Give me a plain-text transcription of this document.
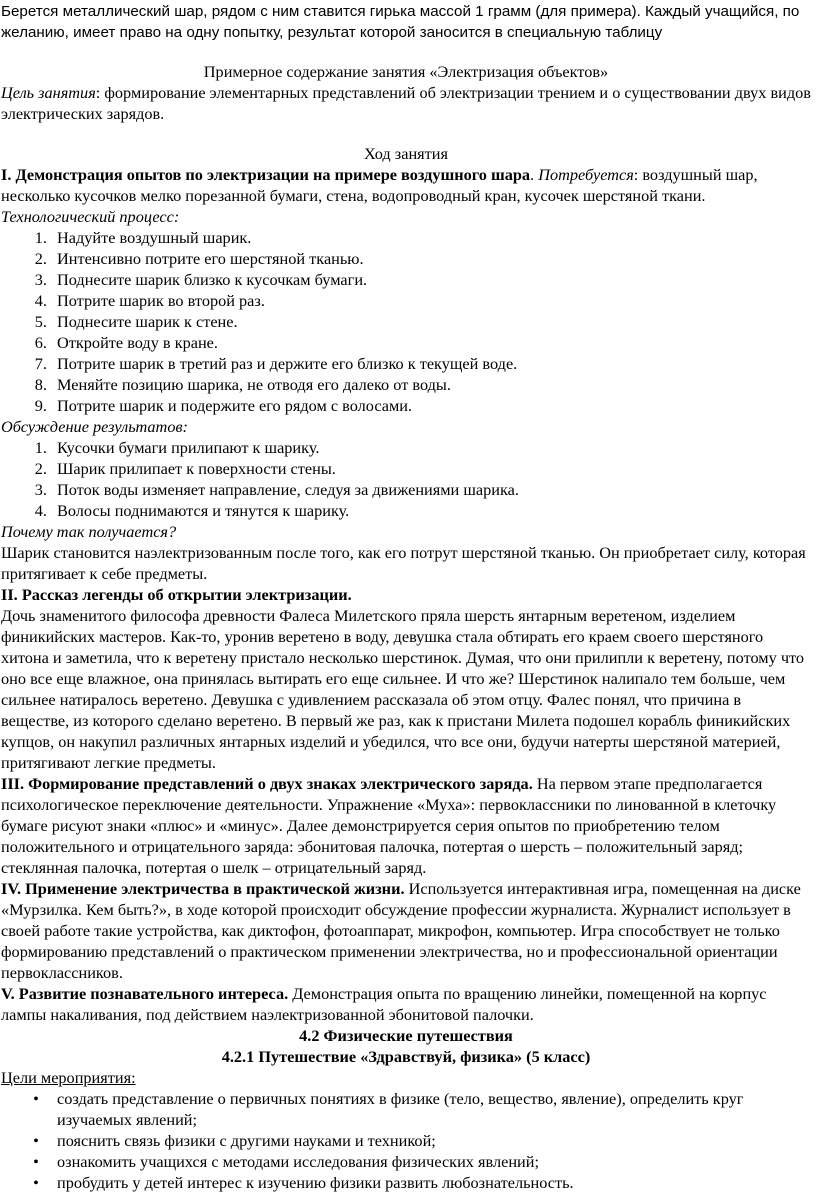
Берется металлический шар, рядом с ним ставится гирька массой 1 грамм (для примера). Каждый учащийся, по желанию, имеет право на одну попытку, результат которой заносится в специальную таблицу

Примерное содержание занятия «Электризация объектов»

Цель занятия: формирование элементарных представлений об электризации трением и о существовании двух видов электрических зарядов.

Ход занятия

I. Демонстрация опытов по электризации на примере воздушного шара. Потребуется: воздушный шар, несколько кусочков мелко порезанной бумаги, стена, водопроводный кран, кусочек шерстяной ткани.

Технологический процесс:

1. Надуйте воздушный шарик.
2. Интенсивно потрите его шерстяной тканью.
3. Поднесите шарик близко к кусочкам бумаги.
4. Потрите шарик во второй раз.
5. Поднесите шарик к стене.
6. Откройте воду в кране.
7. Потрите шарик в третий раз и держите его близко к текущей воде.
8. Меняйте позицию шарика, не отводя его далеко от воды.
9. Потрите шарик и подержите его рядом с волосами.

Обсуждение результатов:

1. Кусочки бумаги прилипают к шарику.
2. Шарик прилипает к поверхности стены.
3. Поток воды изменяет направление, следуя за движениями шарика.
4. Волосы поднимаются и тянутся к шарику.

Почему так получается?

Шарик становится наэлектризованным после того, как его потрут шерстяной тканью. Он приобретает силу, которая притягивает к себе предметы.

II. Рассказ легенды об открытии электризации.

Дочь знаменитого философа древности Фалеса Милетского пряла шерсть янтарным веретеном, изделием финикийских мастеров. Как-то, уронив веретено в воду, девушка стала обтирать его краем своего шерстяного хитона и заметила, что к веретену пристало несколько шерстинок. Думая, что они прилипли к веретену, потому что оно все еще влажное, она принялась вытирать его еще сильнее. И что же? Шерстинок налипало тем больше, чем сильнее натиралось веретено. Девушка с удивлением рассказала об этом отцу. Фалес понял, что причина в веществе, из которого сделано веретено. В первый же раз, как к пристани Милета подошел корабль финикийских купцов, он накупил различных янтарных изделий и убедился, что все они, будучи натерты шерстяной материей, притягивают легкие предметы.

III. Формирование представлений о двух знаках электрического заряда. На первом этапе предполагается психологическое переключение деятельности. Упражнение «Муха»: первоклассники по линованной в клеточку бумаге рисуют знаки «плюс» и «минус». Далее демонстрируется серия опытов по приобретению телом положительного и отрицательного заряда: эбонитовая палочка, потертая о шерсть – положительный заряд; стеклянная палочка, потертая о шелк – отрицательный заряд.

IV. Применение электричества в практической жизни. Используется интерактивная игра, помещенная на диске «Мурзилка. Кем быть?», в ходе которой происходит обсуждение профессии журналиста. Журналист использует в своей работе такие устройства, как диктофон, фотоаппарат, микрофон, компьютер. Игра способствует не только формированию представлений о практическом применении электричества, но и профессиональной ориентации первоклассников.

V. Развитие познавательного интереса. Демонстрация опыта по вращению линейки, помещенной на корпус лампы накаливания, под действием наэлектризованной эбонитовой палочки.

4.2 Физические путешествия

4.2.1 Путешествие «Здравствуй, физика» (5 класс)

Цели мероприятия:

•	создать представление о первичных понятиях в физике (тело, вещество, явление), определить круг изучаемых явлений;
•	пояснить связь физики с другими науками и техникой;
•	ознакомить учащихся с методами исследования физических явлений;
•	пробудить у детей интерес к изучению физики развить любознательность.
